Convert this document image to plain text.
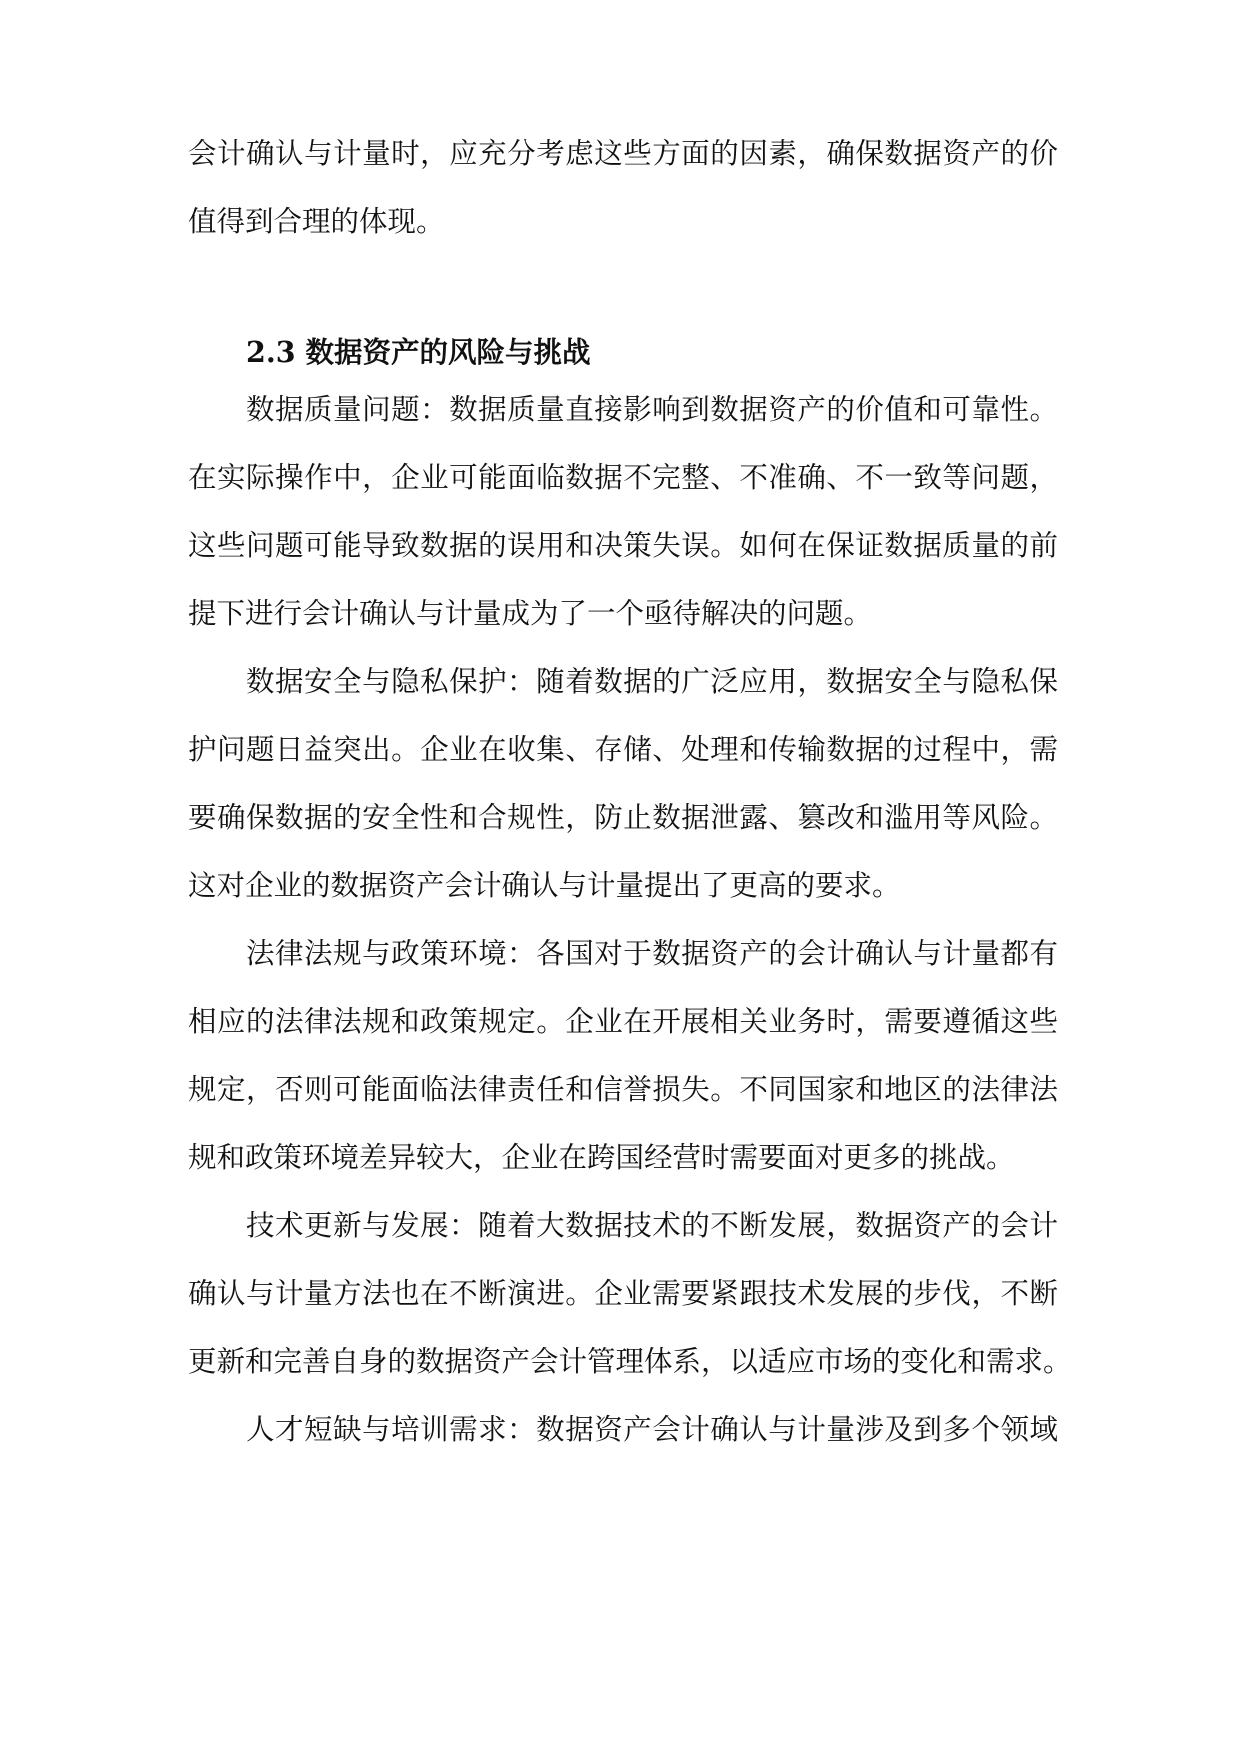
会计确认与计量时，应充分考虑这些方面的因素，确保数据资产的价
值得到合理的体现。
2.3 数据资产的风险与挑战
数据质量问题：数据质量直接影响到数据资产的价值和可靠性。
在实际操作中，企业可能面临数据不完整、不准确、不一致等问题，
这些问题可能导致数据的误用和决策失误。如何在保证数据质量的前
提下进行会计确认与计量成为了一个亟待解决的问题。
数据安全与隐私保护：随着数据的广泛应用，数据安全与隐私保
护问题日益突出。企业在收集、存储、处理和传输数据的过程中，需
要确保数据的安全性和合规性，防止数据泄露、篡改和滥用等风险。
这对企业的数据资产会计确认与计量提出了更高的要求。
法律法规与政策环境：各国对于数据资产的会计确认与计量都有
相应的法律法规和政策规定。企业在开展相关业务时，需要遵循这些
规定，否则可能面临法律责任和信誉损失。不同国家和地区的法律法
规和政策环境差异较大，企业在跨国经营时需要面对更多的挑战。
技术更新与发展：随着大数据技术的不断发展，数据资产的会计
确认与计量方法也在不断演进。企业需要紧跟技术发展的步伐，不断
更新和完善自身的数据资产会计管理体系，以适应市场的变化和需求。
人才短缺与培训需求：数据资产会计确认与计量涉及到多个领域
